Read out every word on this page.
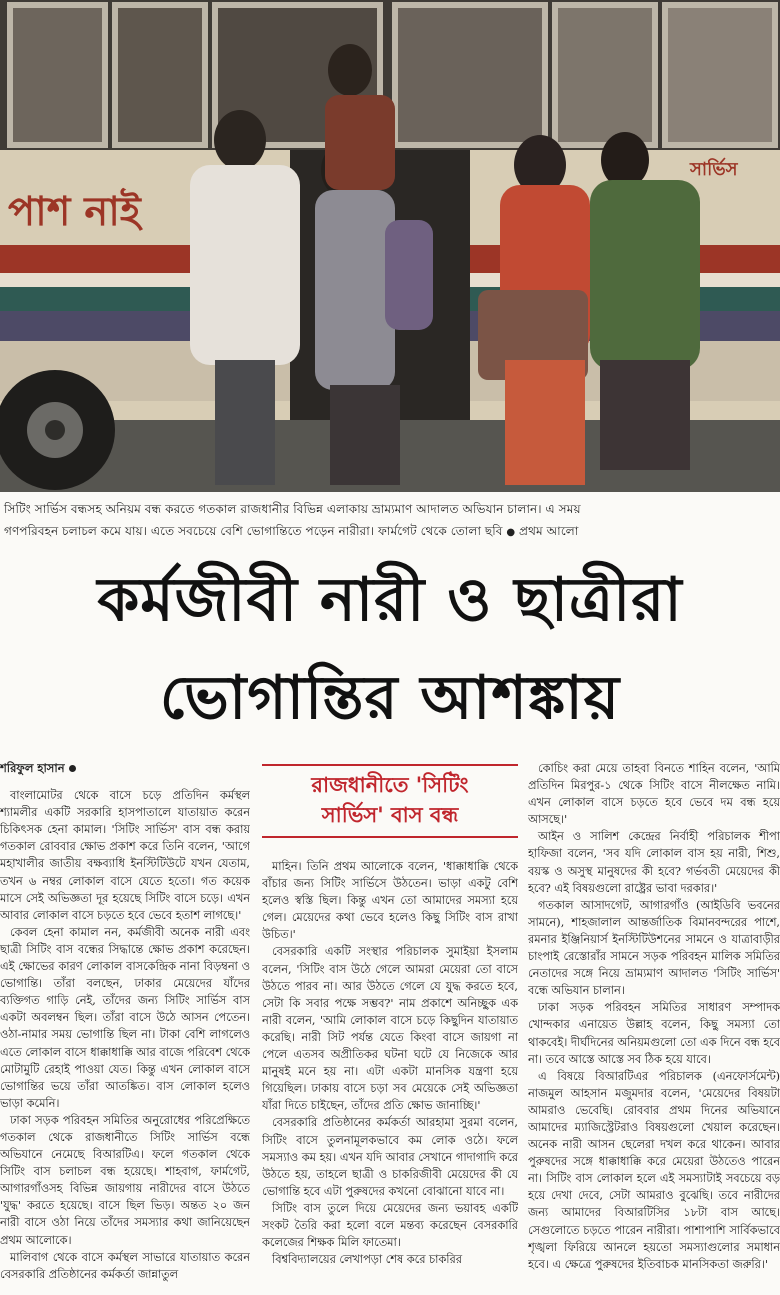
পাশ নাই
সার্ভিস
সিটিং সার্ভিস বন্ধসহ অনিয়ম বন্ধ করতে গতকাল রাজধানীর বিভিন্ন এলাকায় ভ্রাম্যমাণ আদালত অভিযান চালান। এ সময়
গণপরিবহন চলাচল কমে যায়। এতে সবচেয়ে বেশি ভোগান্তিতে পড়েন নারীরা। ফার্মগেট থেকে তোলা ছবি ● প্রথম আলো
কর্মজীবী নারী ও ছাত্রীরা
ভোগান্তির আশঙ্কায়
শরিফুল হাসান

বাংলামোটর থেকে বাসে চড়ে প্রতিদিন কর্মস্থল শ্যামলীর একটি সরকারি হাসপাতালে যাতায়াত করেন চিকিৎসক হেনা কামাল। 'সিটিং সার্ভিস' বাস বন্ধ করায় গতকাল রোববার ক্ষোভ প্রকাশ করে তিনি বলেন, 'আগে মহাখালীর জাতীয় বক্ষব্যাধি ইনস্টিটিউটে যখন যেতাম, তখন ৬ নম্বর লোকাল বাসে যেতে হতো। গত কয়েক মাসে সেই অভিজ্ঞতা দূর হয়েছে সিটিং বাসে চড়ে। এখন আবার লোকাল বাসে চড়তে হবে ভেবে হতাশ লাগছে।'

কেবল হেনা কামাল নন, কর্মজীবী অনেক নারী এবং ছাত্রী সিটিং বাস বন্ধের সিদ্ধান্তে ক্ষোভ প্রকাশ করেছেন। এই ক্ষোভের কারণ লোকাল বাসকেন্দ্রিক নানা বিড়ম্বনা ও ভোগান্তি। তাঁরা বলছেন, ঢাকার মেয়েদের যাঁদের ব্যক্তিগত গাড়ি নেই, তাঁদের জন্য সিটিং সার্ভিস বাস একটা অবলম্বন ছিল। তাঁরা বাসে উঠে আসন পেতেন। ওঠা-নামার সময় ভোগান্তি ছিল না। টাকা বেশি লাগলেও এতে লোকাল বাসে ধাক্কাধাক্কি আর বাজে পরিবেশ থেকে মোটামুটি রেহাই পাওয়া যেত। কিন্তু এখন লোকাল বাসে ভোগান্তির ভয়ে তাঁরা আতঙ্কিত। বাস লোকাল হলেও ভাড়া কমেনি।

ঢাকা সড়ক পরিবহন সমিতির অনুরোধের পরিপ্রেক্ষিতে গতকাল থেকে রাজধানীতে সিটিং সার্ভিস বন্ধে অভিযানে নেমেছে বিআরটিএ। ফলে গতকাল থেকে সিটিং বাস চলাচল বন্ধ হয়েছে। শাহবাগ, ফার্মগেট, আগারগাঁওসহ বিভিন্ন জায়গায় নারীদের বাসে উঠতে 'যুদ্ধ' করতে হয়েছে। বাসে ছিল ভিড়। অন্তত ২০ জন নারী বাসে ওঠা নিয়ে তাঁদের সমস্যার কথা জানিয়েছেন প্রথম আলোকে।

মালিবাগ থেকে বাসে কর্মস্থল সাভারে যাতায়াত করেন বেসরকারি প্রতিষ্ঠানের কর্মকর্তা জান্নাতুল

রাজধানীতে 'সিটিং
সার্ভিস' বাস বন্ধ

মাহিন। তিনি প্রথম আলোকে বলেন, 'ধাক্কাধাক্কি থেকে বাঁচার জন্য সিটিং সার্ভিসে উঠতেন। ভাড়া একটু বেশি হলেও স্বস্তি ছিল। কিন্তু এখন তো আমাদের সমস্যা হয়ে গেল। মেয়েদের কথা ভেবে হলেও কিছু সিটিং বাস রাখা উচিত।'

বেসরকারি একটি সংস্থার পরিচালক সুমাইয়া ইসলাম বলেন, 'সিটিং বাস উঠে গেলে আমরা মেয়েরা তো বাসে উঠতে পারব না। আর উঠতে গেলে যে যুদ্ধ করতে হবে, সেটা কি সবার পক্ষে সম্ভব?' নাম প্রকাশে অনিচ্ছুক এক নারী বলেন, 'আমি লোকাল বাসে চড়ে কিছুদিন যাতায়াত করেছি। নারী সিট পর্যন্ত যেতে কিংবা বাসে জায়গা না পেলে এতসব অপ্রীতিকর ঘটনা ঘটে যে নিজেকে আর মানুষই মনে হয় না। এটা একটা মানসিক যন্ত্রণা হয়ে গিয়েছিল। ঢাকায় বাসে চড়া সব মেয়েকে সেই অভিজ্ঞতা যাঁরা দিতে চাইছেন, তাঁদের প্রতি ক্ষোভ জানাচ্ছি।'

বেসরকারি প্রতিষ্ঠানের কর্মকর্তা আরহামা সুরমা বলেন, সিটিং বাসে তুলনামূলকভাবে কম লোক ওঠে। ফলে সমস্যাও কম হয়। এখন যদি আবার সেখানে গাদাগাদি করে উঠতে হয়, তাহলে ছাত্রী ও চাকরিজীবী মেয়েদের কী যে ভোগান্তি হবে এটা পুরুষদের কখনো বোঝানো যাবে না।

সিটিং বাস তুলে দিয়ে মেয়েদের জন্য ভয়াবহ একটি সংকট তৈরি করা হলো বলে মন্তব্য করেছেন বেসরকারি কলেজের শিক্ষক মিলি ফাতেমা।

বিশ্ববিদ্যালয়ের লেখাপড়া শেষ করে চাকরির

কোচিং করা মেয়ে তাহবা বিনতে শাহিন বলেন, 'আমি প্রতিদিন মিরপুর-১ থেকে সিটিং বাসে নীলক্ষেত নামি। এখন লোকাল বাসে চড়তে হবে ভেবে দম বন্ধ হয়ে আসছে।'

আইন ও সালিশ কেন্দ্রের নির্বাহী পরিচালক শীপা হাফিজা বলেন, 'সব যদি লোকাল বাস হয় নারী, শিশু, বয়স্ক ও অসুস্থ মানুষদের কী হবে? গর্ভবতী মেয়েদের কী হবে? এই বিষয়গুলো রাষ্ট্রের ভাবা দরকার।'

গতকাল আসাদগেট, আগারগাঁও (আইডিবি ভবনের সামনে), শাহজালাল আন্তর্জাতিক বিমানবন্দরের পাশে, রমনার ইঞ্জিনিয়ার্স ইনস্টিটিউশনের সামনে ও যাত্রাবাড়ীর চাংপাই রেস্তোরাঁর সামনে সড়ক পরিবহন মালিক সমিতির নেতাদের সঙ্গে নিয়ে ভ্রাম্যমাণ আদালত 'সিটিং সার্ভিস' বন্ধে অভিযান চালান।

ঢাকা সড়ক পরিবহন সমিতির সাধারণ সম্পাদক খোন্দকার এনায়েত উল্লাহ বলেন, কিছু সমস্যা তো থাকবেই। দীর্ঘদিনের অনিয়মগুলো তো এক দিনে বন্ধ হবে না। তবে আস্তে আস্তে সব ঠিক হয়ে যাবে।

এ বিষয়ে বিআরটিএর পরিচালক (এনফোর্সমেন্ট) নাজমুল আহসান মজুমদার বলেন, 'মেয়েদের বিষয়টা আমরাও ভেবেছি। রোববার প্রথম দিনের অভিযানে আমাদের ম্যাজিস্ট্রেটরাও বিষয়গুলো খেয়াল করেছেন। অনেক নারী আসন ছেলেরা দখল করে থাকেন। আবার পুরুষদের সঙ্গে ধাক্কাধাক্কি করে মেয়েরা উঠতেও পারেন না। সিটিং বাস লোকাল হলে এই সমস্যাটাই সবচেয়ে বড় হয়ে দেখা দেবে, সেটা আমরাও বুঝেছি। তবে নারীদের জন্য আমাদের বিআরটিসির ১৮টা বাস আছে। সেগুলোতে চড়তে পারেন নারীরা। পাশাপাশি সার্বিকভাবে শৃঙ্খলা ফিরিয়ে আনলে হয়তো সমস্যাগুলোর সমাধান হবে। এ ক্ষেত্রে পুরুষদের ইতিবাচক মানসিকতা জরুরি।'
